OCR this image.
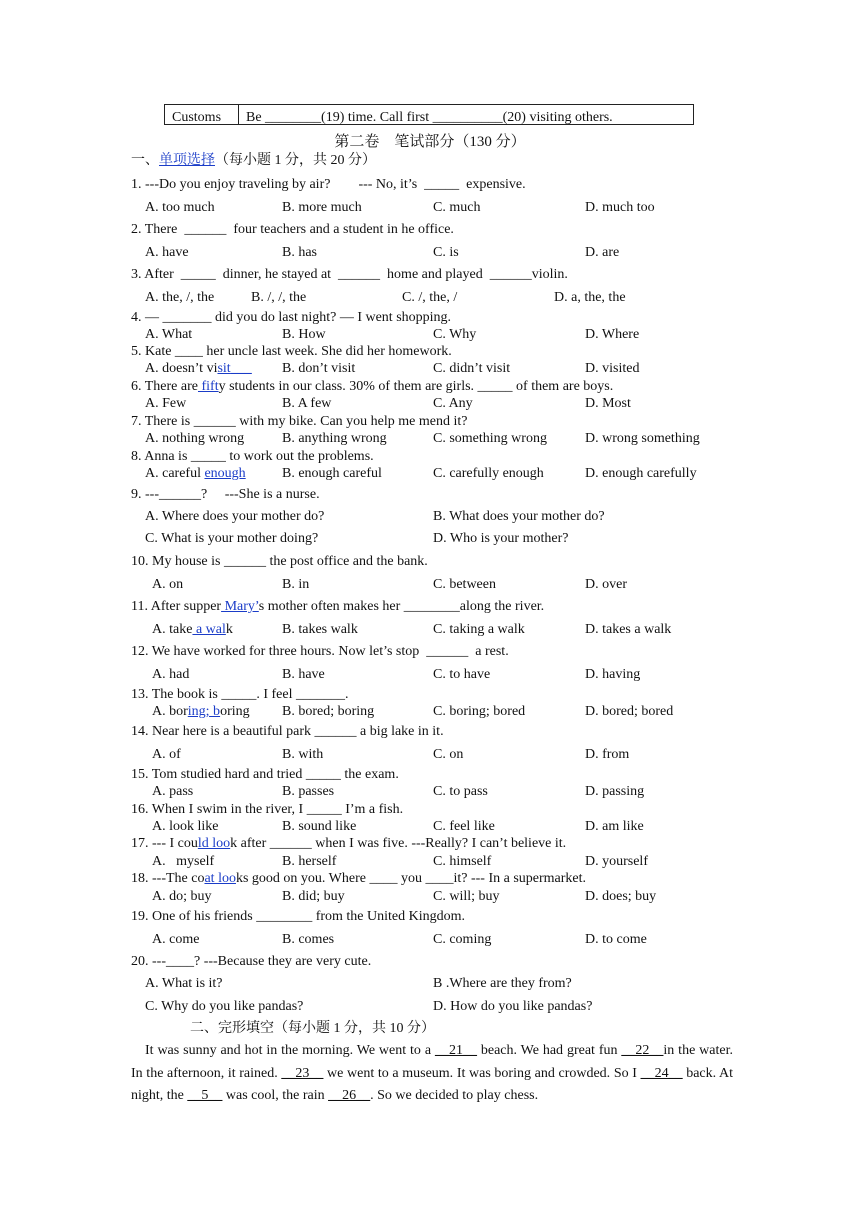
Customs	Be ________(19) time. Call first __________(20) visiting others.
第二卷　笔试部分（130 分）
一、单项选择（每小题 1 分，共 20 分）
1. ---Do you enjoy traveling by air?        --- No, it’s  _____  expensive.
A. too much	B. more much	C. much	D. much too
2. There  ______  four teachers and a student in he office.
A. have	B. has	C. is	D. are
3. After  _____  dinner, he stayed at  ______  home and played  ______violin.
A. the, /, the	B. /, /, the	C. /, the, /	D. a, the, the
4. — _______ did you do last night? — I went shopping.
A. What	B. How	C. Why	D. Where
5. Kate ____ her uncle last week. She did her homework.
A. doesn’t visit___ B. don’t visit	C. didn’t visit	D. visited
6. There are fifty students in our class. 30% of them are girls. _____ of them are boys.
A. Few	B. A few	C. Any	D. Most
7. There is ______ with my bike. Can you help me mend it?
A. nothing wrong	B. anything wrong	C. something wrong	D. wrong something
8. Anna is _____ to work out the problems.
A. careful enough	B. enough careful	C. carefully enough	D. enough carefully
9. ---______?     ---She is a nurse.
A. Where does your mother do?	B. What does your mother do?
C. What is your mother doing?	D. Who is your mother?
10. My house is ______ the post office and the bank.
A. on	B. in	C. between	D. over
11. After supper Mary’s mother often makes her ________along the river.
A. take a walk	B. takes walk	C. taking a walk	D. takes a walk
12. We have worked for three hours. Now let’s stop  ______  a rest.
A. had	B. have	C. to have	D. having
13. The book is _____. I feel _______.
A. boring; boring B. bored; boring	C. boring; bored	D. bored; bored
14. Near here is a beautiful park ______ a big lake in it.
A. of	B. with	C. on	D. from
15. Tom studied hard and tried _____ the exam.
A. pass	B. passes	C. to pass	D. passing
16. When I swim in the river, I _____ I’m a fish.
A. look like	B. sound like	C. feel like	D. am like
17. --- I could look after ______ when I was five. ---Really? I can’t believe it.
A.   myself	B. herself	C. himself	D. yourself
18. ---The coat looks good on you. Where ____ you ____it? --- In a supermarket.
A. do; buy	B. did; buy	C. will; buy	D. does; buy
19. One of his friends ________ from the United Kingdom.
A. come	B. comes	C. coming	D. to come
20. ---____? ---Because they are very cute.
A. What is it?	B .Where are they from?
C. Why do you like pandas?	D. How do you like pandas?
二、完形填空（每小题 1 分，共 10 分）
It was sunny and hot in the morning. We went to a __21__ beach. We had great fun __22__in the water. In the afternoon, it rained. __23__ we went to a museum. It was boring and crowded. So I __24__ back. At night, the __5__ was cool, the rain __26__. So we decided to play chess.
